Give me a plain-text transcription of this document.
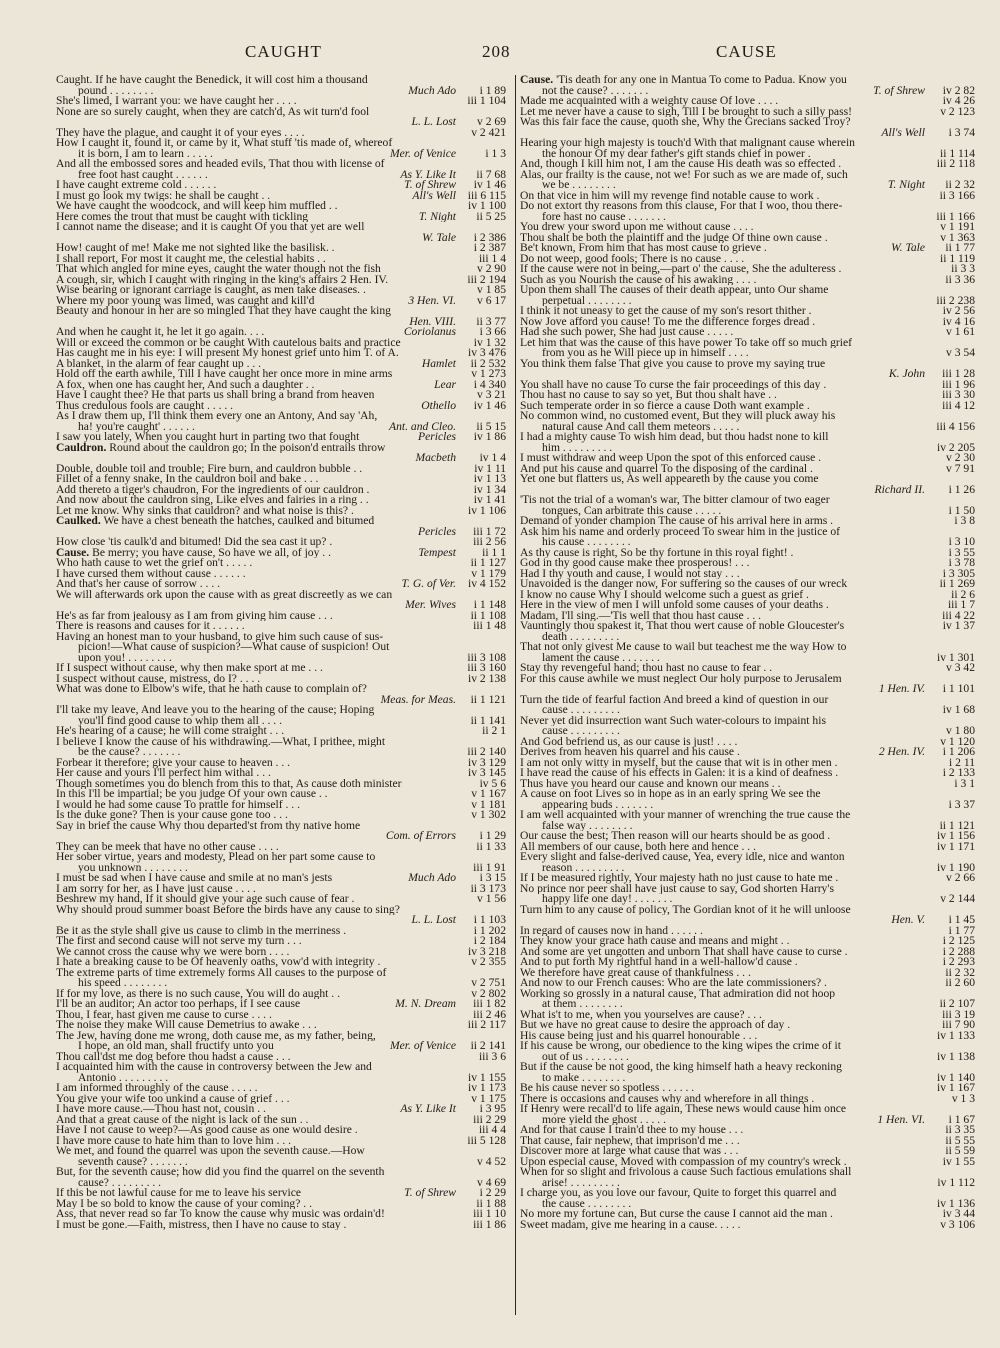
CAUGHT	208	CAUSE
Caught. If he have caught the Benedick, it will cost him a thousand
pound . . . . . . . .	Much Ado	i 1 89
She's limed, I warrant you: we have caught her . . . .	iii 1 104
None are so surely caught, when they are catch'd, As wit turn'd fool
L. L. Lost	v 2 69
They have the plague, and caught it of your eyes . . . .	v 2 421
How I caught it, found it, or came by it, What stuff 'tis made of, whereof
it is born, I am to learn . . . . .	Mer. of Venice	i 1 3
And all the embossed sores and headed evils, That thou with license of
free foot hast caught . . . . . .	As Y. Like It	ii 7 68
I have caught extreme cold . . . . . .	T. of Shrew	iv 1 46
I must go look my twigs: he shall be caught . .	All's Well	iii 6 115
We have caught the woodcock, and will keep him muffled . .	iv 1 100
Here comes the trout that must be caught with tickling	T. Night	ii 5 25
I cannot name the disease; and it is caught Of you that yet are well
W. Tale	i 2 386
How! caught of me! Make me not sighted like the basilisk. .	i 2 387
I shall report, For most it caught me, the celestial habits . .	iii 1 4
That which angled for mine eyes, caught the water though not the fish	v 2 90
A cough, sir, which I caught with ringing in the king's affairs 2 Hen. IV.	iii 2 194
Wise bearing or ignorant carriage is caught, as men take diseases. .	v 1 85
Where my poor young was limed, was caught and kill'd	3 Hen. VI.	v 6 17
Beauty and honour in her are so mingled That they have caught the king
Hen. VIII.	ii 3 77
And when he caught it, he let it go again. . . .	Coriolanus	i 3 66
Will or exceed the common or be caught With cautelous baits and practice	iv 1 32
Has caught me in his eye: I will present My honest grief unto him T. of A.	iv 3 476
A blanket, in the alarm of fear caught up . . .	Hamlet	ii 2 532
Hold off the earth awhile, Till I have caught her once more in mine arms	v 1 273
A fox, when one has caught her, And such a daughter . .	Lear	i 4 340
Have I caught thee? He that parts us shall bring a brand from heaven	v 3 21
Thus credulous fools are caught . . . . .	Othello	iv 1 46
As I draw them up, I'll think them every one an Antony, And say 'Ah,
ha! you're caught' . . . . . .	Ant. and Cleo.	ii 5 15
I saw you lately, When you caught hurt in parting two that fought	Pericles	iv 1 86
Cauldron. Round about the cauldron go; In the poison'd entrails throw
Macbeth	iv 1 4
Double, double toil and trouble; Fire burn, and cauldron bubble . .	iv 1 11
Fillet of a fenny snake, In the cauldron boil and bake . . .	iv 1 13
Add thereto a tiger's chaudron, For the ingredients of our cauldron .	iv 1 34
And now about the cauldron sing, Like elves and fairies in a ring . .	iv 1 41
Let me know. Why sinks that cauldron? and what noise is this? .	iv 1 106
Caulked. We have a chest beneath the hatches, caulked and bitumed
Pericles	iii 1 72
How close 'tis caulk'd and bitumed! Did the sea cast it up? .	iii 2 56
Cause. Be merry; you have cause, So have we all, of joy . .	Tempest	ii 1 1
Who hath cause to wet the grief on't . . . . .	ii 1 127
I have cursed them without cause . . . . . .	v 1 179
And that's her cause of sorrow . . . .	T. G. of Ver.	iv 4 152
We will afterwards ork upon the cause with as great discreetly as we can
Mer. Wives	i 1 148
He's as far from jealousy as I am from giving him cause . . .	ii 1 108
There is reasons and causes for it . . . . . .	iii 1 48
Having an honest man to your husband, to give him such cause of sus-
picion!—What cause of suspicion?—What cause of suspicion! Out
upon you! . . . . . . . .	iii 3 108
If I suspect without cause, why then make sport at me . . .	iii 3 160
I suspect without cause, mistress, do I? . . . .	iv 2 138
What was done to Elbow's wife, that he hath cause to complain of?
Meas. for Meas.	ii 1 121
I'll take my leave, And leave you to the hearing of the cause; Hoping
you'll find good cause to whip them all . . . .	ii 1 141
He's hearing of a cause; he will come straight . . .	ii 2 1
I believe I know the cause of his withdrawing.—What, I prithee, might
be the cause? . . . . . . .	iii 2 140
Forbear it therefore; give your cause to heaven . . .	iv 3 129
Her cause and yours I'll perfect him withal . . .	iv 3 145
Though sometimes you do blench from this to that, As cause doth minister	iv 5 6
In this I'll be impartial; be you judge Of your own cause . .	v 1 167
I would he had some cause To prattle for himself . . .	v 1 181
Is the duke gone? Then is your cause gone too . . .	v 1 302
Say in brief the cause Why thou departed'st from thy native home
Com. of Errors	i 1 29
They can be meek that have no other cause . . . .	ii 1 33
Her sober virtue, years and modesty, Plead on her part some cause to
you unknown . . . . . . . .	iii 1 91
I must be sad when I have cause and smile at no man's jests	Much Ado	i 3 15
I am sorry for her, as I have just cause . . . .	ii 3 173
Beshrew my hand, If it should give your age such cause of fear .	v 1 56
Why should proud summer boast Before the birds have any cause to sing?
L. L. Lost	i 1 103
Be it as the style shall give us cause to climb in the merriness .	i 1 202
The first and second cause will not serve my turn . . .	i 2 184
We cannot cross the cause why we were born . . . .	iv 3 218
I hate a breaking cause to be Of heavenly oaths, vow'd with integrity .	v 2 355
The extreme parts of time extremely forms All causes to the purpose of
his speed . . . . . . . .	v 2 751
If for my love, as there is no such cause, You will do aught . .	v 2 802
I'll be an auditor; An actor too perhaps, if I see cause	M. N. Dream	iii 1 82
Thou, I fear, hast given me cause to curse . . . .	iii 2 46
The noise they make Will cause Demetrius to awake . . .	iii 2 117
The Jew, having done me wrong, doth cause me, as my father, being,
I hope, an old man, shall fructify unto you	Mer. of Venice	ii 2 141
Thou call'dst me dog before thou hadst a cause . . .	iii 3 6
I acquainted him with the cause in controversy between the Jew and
Antonio . . . . . . . . .	iv 1 155
I am informed throughly of the cause . . . . .	iv 1 173
You give your wife too unkind a cause of grief . . .	v 1 175
I have more cause.—Thou hast not, cousin . .	As Y. Like It	i 3 95
And that a great cause of the night is lack of the sun . .	iii 2 29
Have I not cause to weep?—As good cause as one would desire .	iii 4 4
I have more cause to hate him than to love him . . .	iii 5 128
We met, and found the quarrel was upon the seventh cause.—How
seventh cause? . . . . . . .	v 4 52
But, for the seventh cause; how did you find the quarrel on the seventh
cause? . . . . . . . . .	v 4 69
If this be not lawful cause for me to leave his service	T. of Shrew	i 2 29
May I be so bold to know the cause of your coming? . .	ii 1 88
Ass, that never read so far To know the cause why music was ordain'd!	iii 1 10
I must be gone.—Faith, mistress, then I have no cause to stay .	iii 1 86
Cause. 'Tis death for any one in Mantua To come to Padua. Know you
not the cause? . . . . . . .	T. of Shrew	iv 2 82
Made me acquainted with a weighty cause Of love . . . .	iv 4 26
Let me never have a cause to sigh, Till I be brought to such a silly pass!	v 2 123
Was this fair face the cause, quoth she, Why the Grecians sacked Troy?
All's Well	i 3 74
Hearing your high majesty is touch'd With that malignant cause wherein
the honour Of my dear father's gift stands chief in power .	ii 1 114
And, though I kill him not, I am the cause His death was so effected .	iii 2 118
Alas, our frailty is the cause, not we! For such as we are made of, such
we be . . . . . . . .	T. Night	ii 2 32
On that vice in him will my revenge find notable cause to work .	ii 3 166
Do not extort thy reasons from this clause, For that I woo, thou there-
fore hast no cause . . . . . . .	iii 1 166
You drew your sword upon me without cause . . . .	v 1 191
Thou shalt be both the plaintiff and the judge Of thine own cause .	v 1 363
Be't known, From him that has most cause to grieve .	W. Tale	ii 1 77
Do not weep, good fools; There is no cause . . . .	ii 1 119
If the cause were not in being,—part o' the cause, She the adulteress .	ii 3 3
Such as you Nourish the cause of his awaking . . . .	ii 3 36
Upon them shall The causes of their death appear, unto Our shame
perpetual . . . . . . . .	iii 2 238
I think it not uneasy to get the cause of my son's resort thither .	iv 2 56
Now Jove afford you cause! To me the difference forges dread .	iv 4 16
Had she such power, She had just cause . . . . .	v 1 61
Let him that was the cause of this have power To take off so much grief
from you as he Will piece up in himself . . . .	v 3 54
You think them false That give you cause to prove my saying true
K. John	iii 1 28
You shall have no cause To curse the fair proceedings of this day .	iii 1 96
Thou hast no cause to say so yet, But thou shalt have . .	iii 3 30
Such temperate order in so fierce a cause Doth want example .	iii 4 12
No common wind, no customed event, But they will pluck away his
natural cause And call them meteors . . . . .	iii 4 156
I had a mighty cause To wish him dead, but thou hadst none to kill
him . . . . . . . . .	iv 2 205
I must withdraw and weep Upon the spot of this enforced cause .	v 2 30
And put his cause and quarrel To the disposing of the cardinal .	v 7 91
Yet one but flatters us, As well appeareth by the cause you come
Richard II.	i 1 26
'Tis not the trial of a woman's war, The bitter clamour of two eager
tongues, Can arbitrate this cause . . . . .	i 1 50
Demand of yonder champion The cause of his arrival here in arms .	i 3 8
Ask him his name and orderly proceed To swear him in the justice of
his cause . . . . . . . .	i 3 10
As thy cause is right, So be thy fortune in this royal fight! .	i 3 55
God in thy good cause make thee prosperous! . . .	i 3 78
Had I thy youth and cause, I would not stay . . .	i 3 305
Unavoided is the danger now, For suffering so the causes of our wreck	ii 1 269
I know no cause Why I should welcome such a guest as grief .	ii 2 6
Here in the view of men I will unfold some causes of your deaths .	iii 1 7
Madam, I'll sing.—'Tis well that thou hast cause . . .	iii 4 22
Vauntingly thou spakest it, That thou wert cause of noble Gloucester's	iv 1 37
death . . . . . . . . .
That not only givest Me cause to wail but teachest me the way How to
lament the cause . . . . . . .	iv 1 301
Stay thy revengeful hand; thou hast no cause to fear . .	v 3 42
For this cause awhile we must neglect Our holy purpose to Jerusalem
1 Hen. IV.	i 1 101
Turn the tide of fearful faction And breed a kind of question in our
cause . . . . . . . . .	iv 1 68
Never yet did insurrection want Such water-colours to impaint his
cause . . . . . . . . .	v 1 80
And God befriend us, as our cause is just! . . . .	v 1 120
Derives from heaven his quarrel and his cause .	2 Hen. IV.	i 1 206
I am not only witty in myself, but the cause that wit is in other men .	i 2 11
I have read the cause of his effects in Galen: it is a kind of deafness .	i 2 133
Thus have you heard our cause and known our means . .	i 3 1
A cause on foot Lives so in hope as in an early spring We see the
appearing buds . . . . . . .	i 3 37
I am well acquainted with your manner of wrenching the true cause the
false way . . . . . . . .	ii 1 121
Our cause the best; Then reason will our hearts should be as good .	iv 1 156
All members of our cause, both here and hence . . .	iv 1 171
Every slight and false-derived cause, Yea, every idle, nice and wanton
reason . . . . . . . . .	iv 1 190
If I be measured rightly, Your majesty hath no just cause to hate me .	v 2 66
No prince nor peer shall have just cause to say, God shorten Harry's
happy life one day! . . . . . . .	v 2 144
Turn him to any cause of policy, The Gordian knot of it he will unloose
Hen. V.	i 1 45
In regard of causes now in hand . . . . . .	i 1 77
They know your grace hath cause and means and might . .	i 2 125
And some are yet ungotten and unborn That shall have cause to curse .	i 2 288
And to put forth My rightful hand in a well-hallow'd cause .	i 2 293
We therefore have great cause of thankfulness . . .	ii 2 32
And now to our French causes: Who are the late commissioners? .	ii 2 60
Working so grossly in a natural cause, That admiration did not hoop
at them . . . . . . . .	ii 2 107
What is't to me, when you yourselves are cause? . . .	iii 3 19
But we have no great cause to desire the approach of day .	iii 7 90
His cause being just and his quarrel honourable . . .	iv 1 133
If his cause be wrong, our obedience to the king wipes the crime of it
out of us . . . . . . . .	iv 1 138
But if the cause be not good, the king himself hath a heavy reckoning
to make . . . . . . . .	iv 1 140
Be his cause never so spotless . . . . . .	iv 1 167
There is occasions and causes why and wherefore in all things .	v 1 3
If Henry were recall'd to life again, These news would cause him once
more yield the ghost . . . . .	1 Hen. VI.	i 1 67
And for that cause I train'd thee to my house . . .	ii 3 35
That cause, fair nephew, that imprison'd me . . .	ii 5 55
Discover more at large what cause that was . . .	ii 5 59
Upon especial cause, Moved with compassion of my country's wreck .	iv 1 55
When for so slight and frivolous a cause Such factious emulations shall
arise! . . . . . . . . .	iv 1 112
I charge you, as you love our favour, Quite to forget this quarrel and
the cause . . . . . . . .	iv 1 136
No more my fortune can, But curse the cause I cannot aid the man .	iv 3 44
Sweet madam, give me hearing in a cause. . . . .	v 3 106
